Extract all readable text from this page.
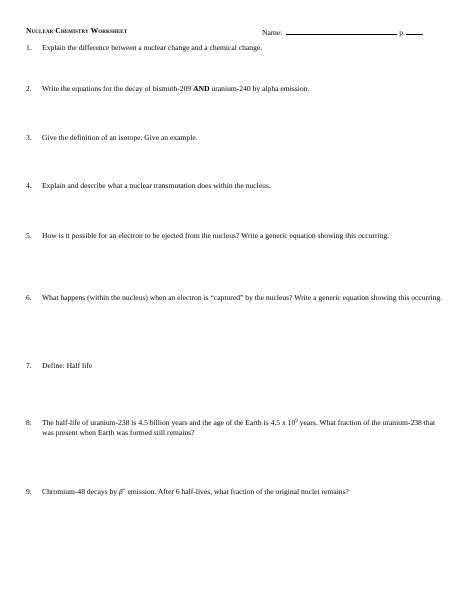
Nuclear Chemistry Worksheet	Name:	p.
1.	Explain the difference between a nuclear change and a chemical change.
2.	Write the equations for the decay of bismuth-209 AND uranium-240 by alpha emission.
3.	Give the definition of an isotope. Give an example.
4.	Explain and describe what a nuclear transmutation does within the nucleus.
5.	How is it possible for an electron to be ejected from the nucleus? Write a generic equation showing this occurring.
6.	What happens (within the nucleus) when an electron is “captured” by the nucleus? Write a generic equation showing this occurring.
7.	Define: Half life
8.	The half-life of uranium-238 is 4.5 billion years and the age of the Earth is 4.5 x $10^9$ years. What fraction of the uranium-238 that was present when Earth was formed still remains?
9.	Chromium-48 decays by β+ emission. After 6 half-lives, what fraction of the original nuclei remains?
